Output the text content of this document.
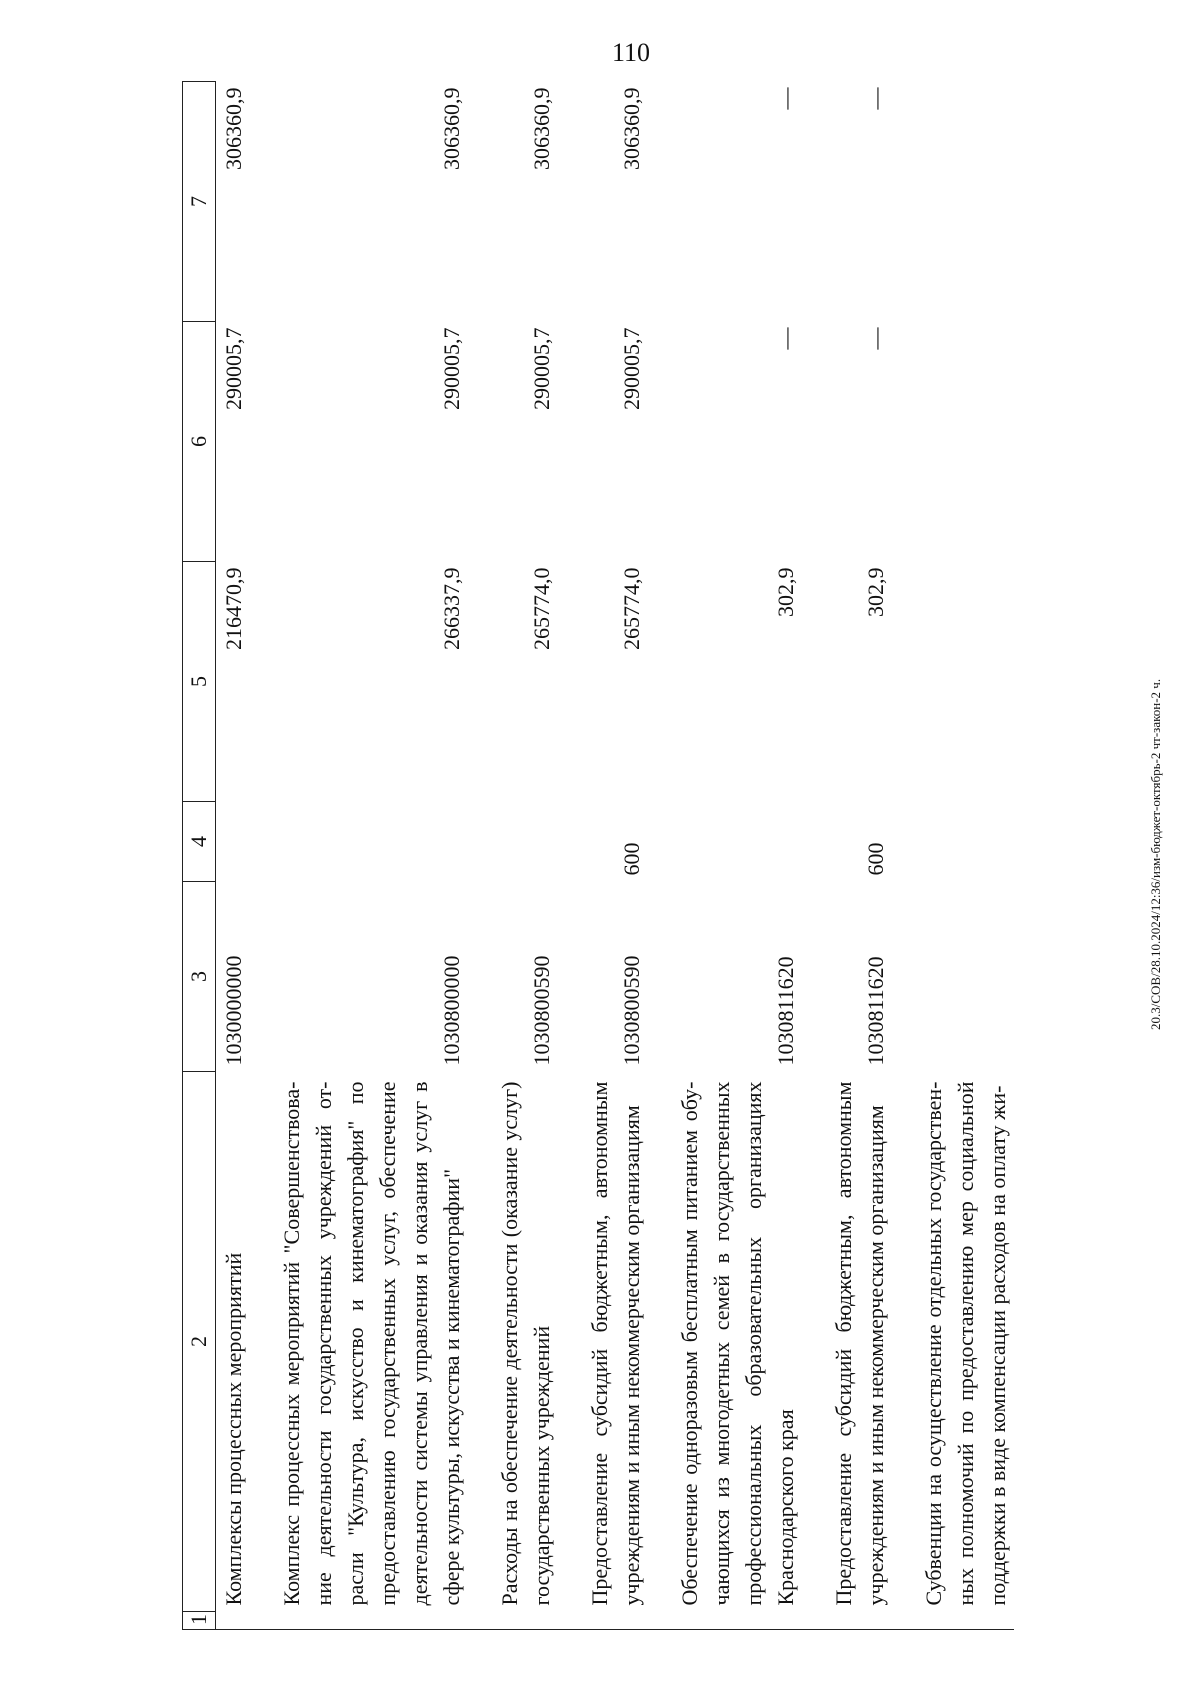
110
20.3/СОВ/28.10.2024/12:36/изм-бюджет-октябрь-2 чт-закон-2 ч.
1	2	3	4	5	6	7
	Комплексы процессных мероприятий	1030000000		216470,9	290005,7	306360,9

	Комплекс процессных мероприятий "Совершенствова-ние деятельности государственных учреждений от-расли "Культура, искусство и кинематография" по предоставлению государственных услуг, обеспечение деятельности системы управления и оказания услуг в сфере культуры, искусства и кинематографии"	1030800000		266337,9	290005,7	306360,9

	Расходы на обеспечение деятельности (оказание услуг) государственных учреждений	1030800590		265774,0	290005,7	306360,9

	Предоставление субсидий бюджетным, автономным учреждениям и иным некоммерческим организациям	1030800590	600	265774,0	290005,7	306360,9

	Обеспечение одноразовым бесплатным питанием обу-чающихся из многодетных семей в государственных профессиональных образовательных организациях Краснодарского края	1030811620		302,9	—	—

	Предоставление субсидий бюджетным, автономным учреждениям и иным некоммерческим организациям	1030811620	600	302,9	—	—

	Субвенции на осуществление отдельных государствен-ных полномочий по предоставлению мер социальной поддержки в виде компенсации расходов на оплату жи-					
